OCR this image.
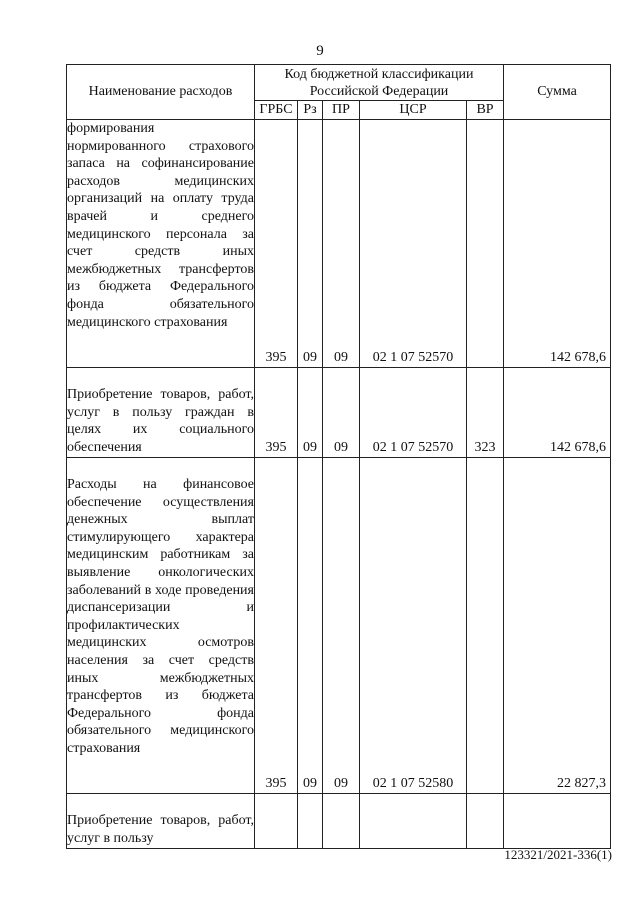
9
Наименование расходов	Код бюджетной классификации Российской Федерации					Сумма
	ГРБС	Рз	ПР	ЦСР	ВР	
формирования нормированного страхового запаса на софинансирование расходов медицинских организаций на оплату труда врачей и среднего медицинского персонала за счет средств иных межбюджетных трансфертов из бюджета Федерального фонда обязательного медицинского страхования	395	09	09	02 1 07 52570		142 678,6
Приобретение товаров, работ, услуг в пользу граждан в целях их социального обеспечения	395	09	09	02 1 07 52570	323	142 678,6
Расходы на финансовое обеспечение осуществления денежных выплат стимулирующего характера медицинским работникам за выявление онкологических заболеваний в ходе проведения диспансеризации и профилактических медицинских осмотров населения за счет средств иных межбюджетных трансфертов из бюджета Федерального фонда обязательного медицинского страхования	395	09	09	02 1 07 52580		22 827,3
Приобретение товаров, работ, услуг в пользу						
123321/2021-336(1)
